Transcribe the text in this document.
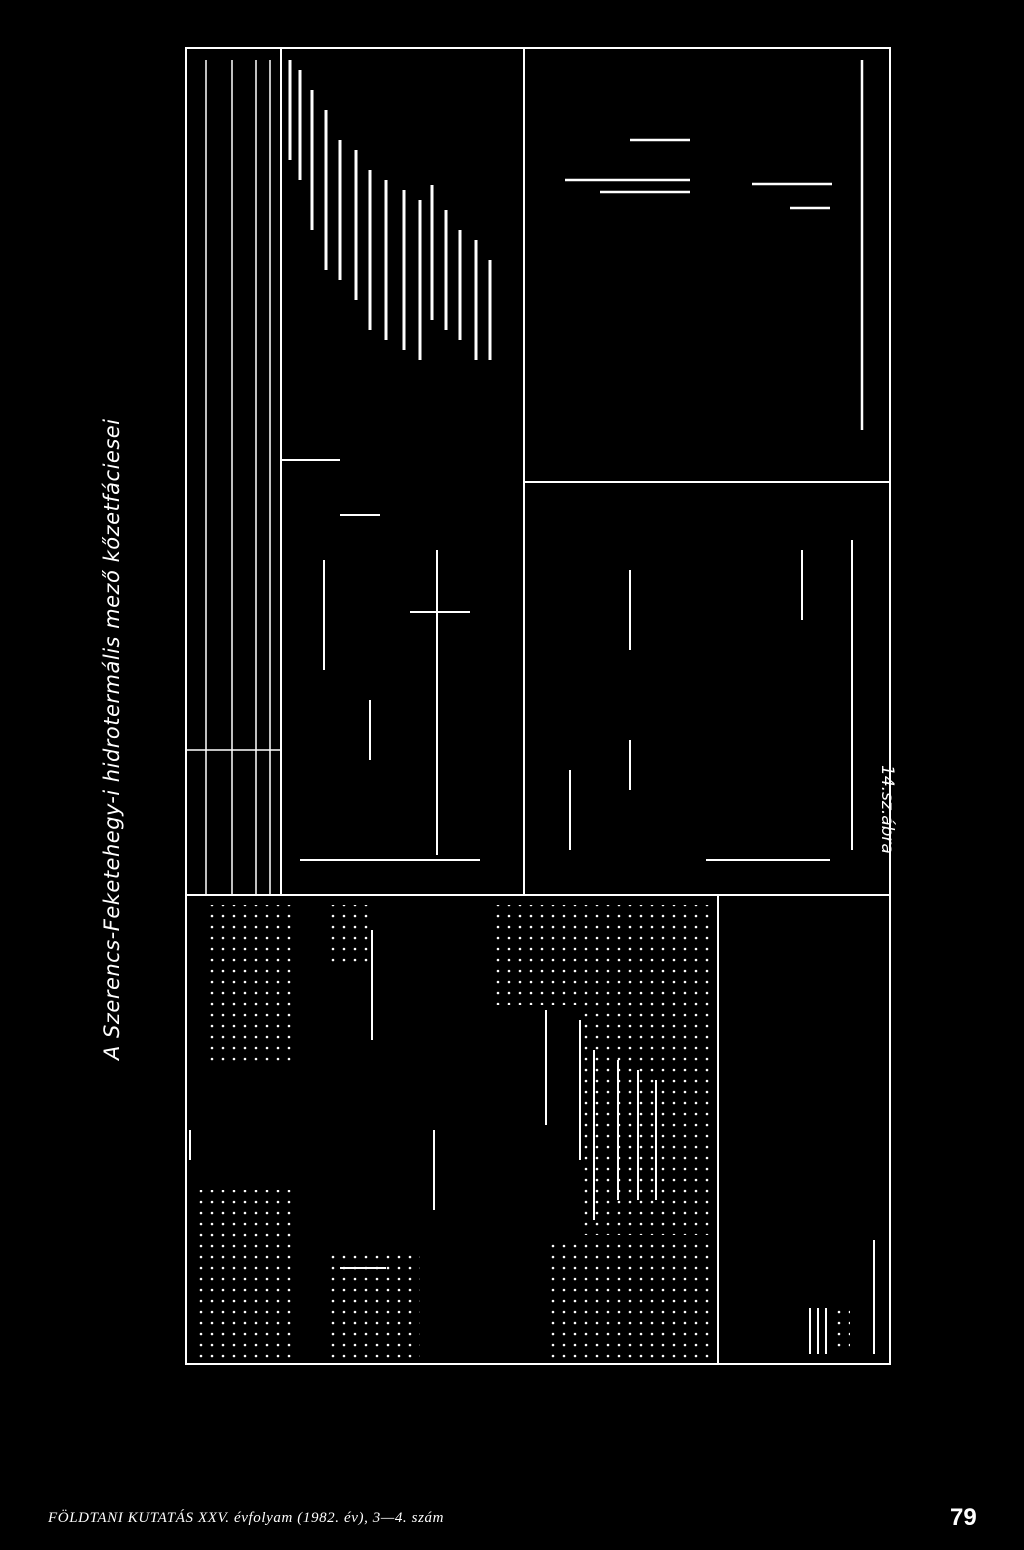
A Szerencs-Feketehegy-i hidrotermális mező kőzetfáciesei	14.sz.ábra
FÖLDTANI KUTATÁS XXV. évfolyam (1982. év), 3—4. szám	79
